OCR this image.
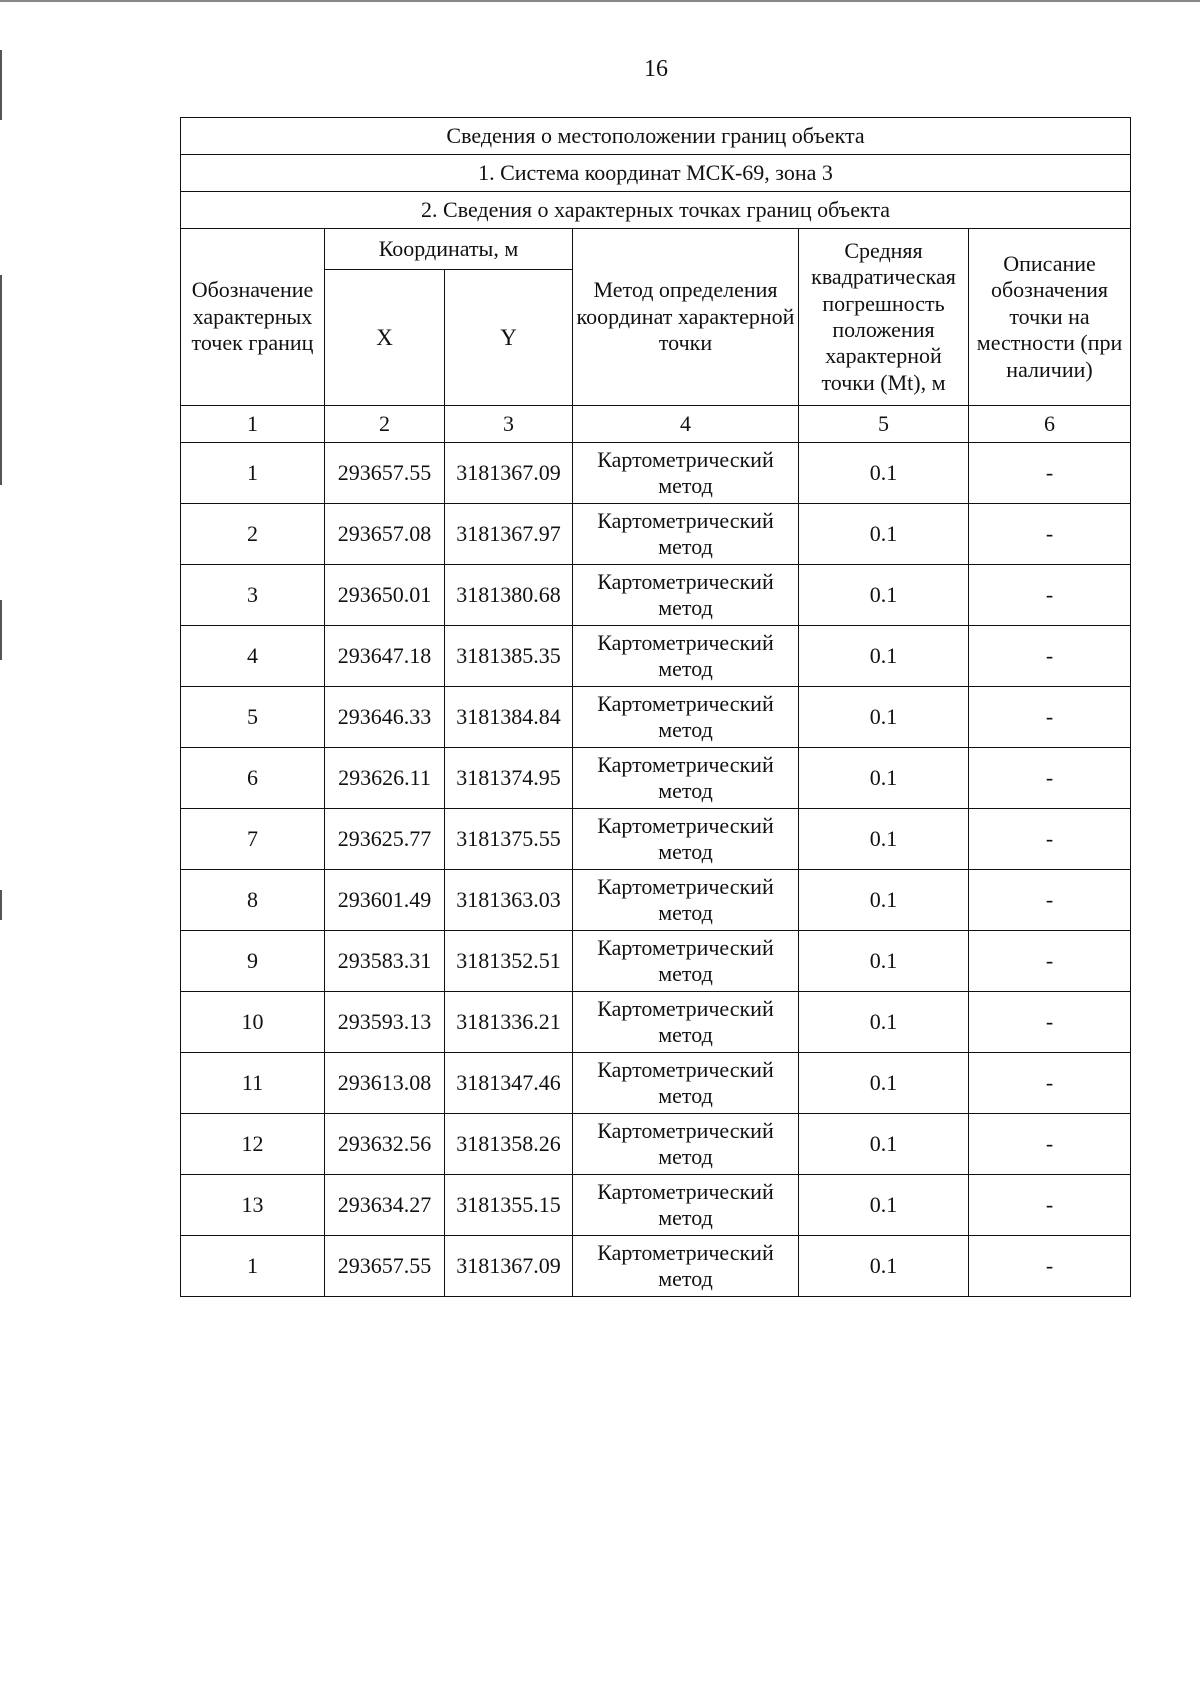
16
Сведения о местоположении границ объекта					
1. Система координат МСК-69, зона 3					
2. Сведения о характерных точках границ объекта					
Обозначение характерных точек границ	Координаты, м		Метод определения координат характерной точки	Средняя квадратическая погрешность положения характерной точки (Mt), м	Описание обозначения точки на местности (при наличии)
	X	Y			
1	2	3	4	5	6
1	293657.55	3181367.09	Картометрический метод	0.1	-
2	293657.08	3181367.97	Картометрический метод	0.1	-
3	293650.01	3181380.68	Картометрический метод	0.1	-
4	293647.18	3181385.35	Картометрический метод	0.1	-
5	293646.33	3181384.84	Картометрический метод	0.1	-
6	293626.11	3181374.95	Картометрический метод	0.1	-
7	293625.77	3181375.55	Картометрический метод	0.1	-
8	293601.49	3181363.03	Картометрический метод	0.1	-
9	293583.31	3181352.51	Картометрический метод	0.1	-
10	293593.13	3181336.21	Картометрический метод	0.1	-
11	293613.08	3181347.46	Картометрический метод	0.1	-
12	293632.56	3181358.26	Картометрический метод	0.1	-
13	293634.27	3181355.15	Картометрический метод	0.1	-
1	293657.55	3181367.09	Картометрический метод	0.1	-
